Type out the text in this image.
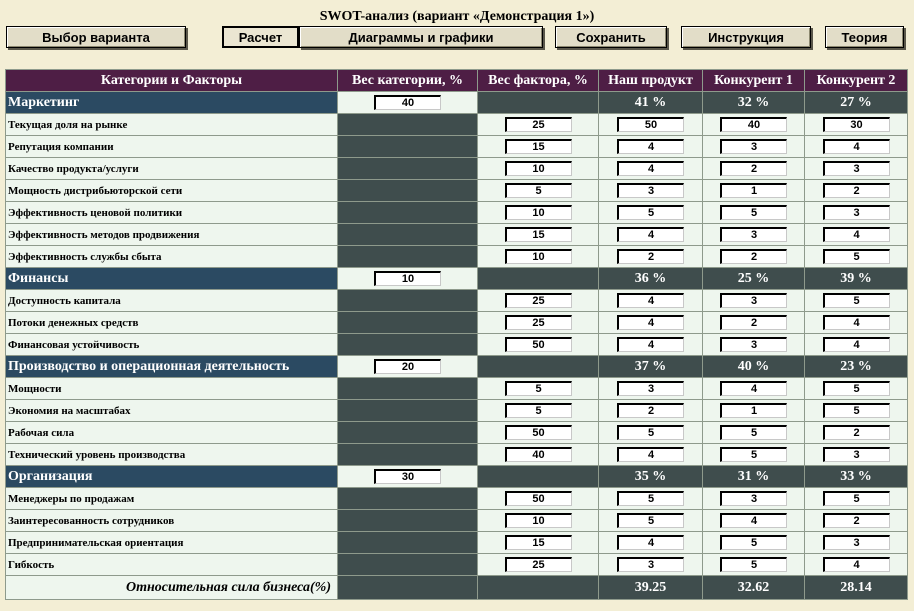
SWOT-анализ (вариант «Демонстрация 1»)
Выбор варианта	Расчет	Диаграммы и графики	Сохранить	Инструкция	Теория
Категории и Факторы	Вес категории, %	Вес фактора, %	Наш продукт	Конкурент 1	Конкурент 2
Маркетинг	40		41 %	32 %	27 %
Текущая доля на рынке		25	50	40	30

Репутация компании		15	4	3	4

Качество продукта/услуги		10	4	2	3

Мощность дистрибьюторской сети		5	3	1	2

Эффективность ценовой политики		10	5	5	3

Эффективность методов продвижения		15	4	3	4

Эффективность службы сбыта		10	2	2	5

Финансы	10		36 %	25 %	39 %
Доступность капитала		25	4	3	5

Потоки денежных средств		25	4	2	4

Финансовая устойчивость		50	4	3	4

Производство и операционная деятельность	20		37 %	40 %	23 %
Мощности		5	3	4	5

Экономия на масштабах		5	2	1	5

Рабочая сила		50	5	5	2

Технический уровень производства		40	4	5	3

Организация	30		35 %	31 %	33 %
Менеджеры по продажам		50	5	3	5

Заинтересованность сотрудников		10	5	4	2

Предпринимательская ориентация		15	4	5	3

Гибкость		25	3	5	4

Относительная сила бизнеса(%)			39.25	32.62	28.14
